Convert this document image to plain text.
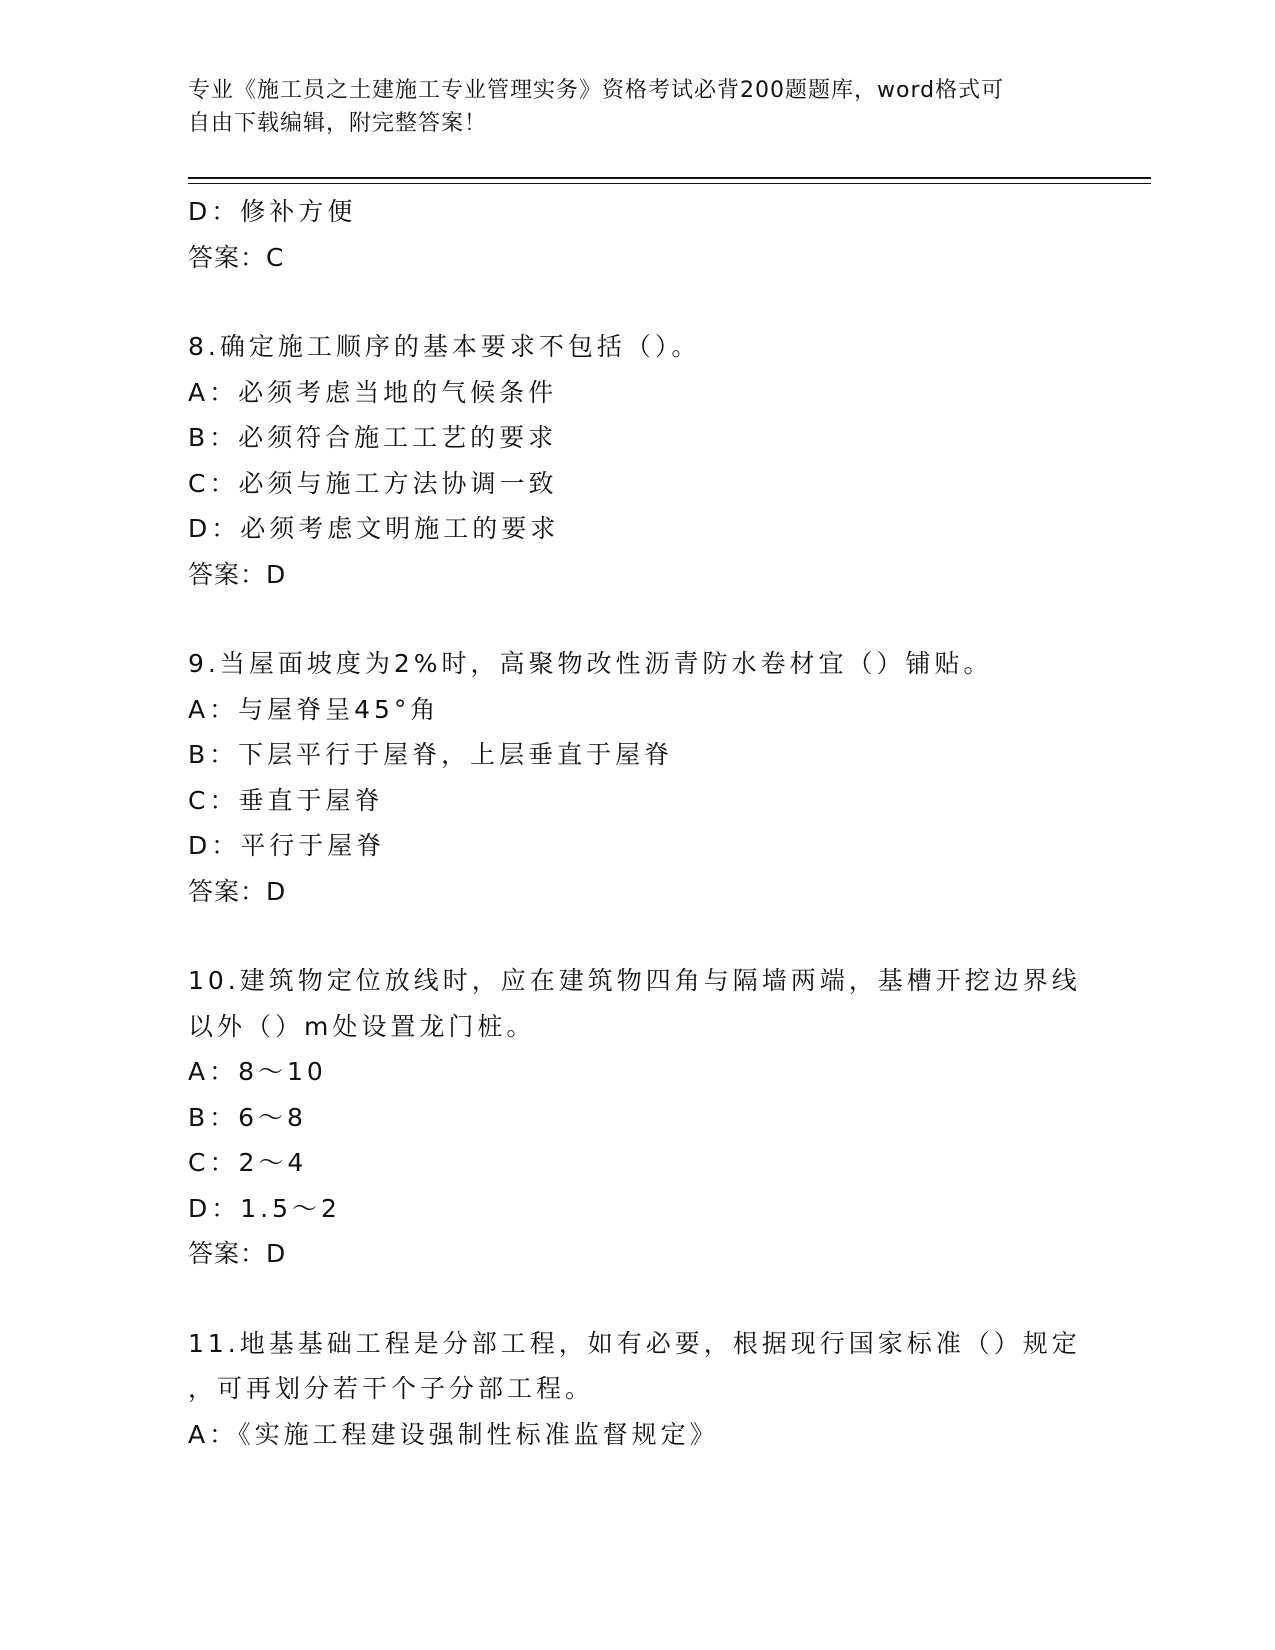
专业《施工员之土建施工专业管理实务》资格考试必背200题题库，word格式可
自由下载编辑，附完整答案！
D：修补方便
答案：C
8.确定施工顺序的基本要求不包括（）。
A：必须考虑当地的气候条件
B：必须符合施工工艺的要求
C：必须与施工方法协调一致
D：必须考虑文明施工的要求
答案：D
9.当屋面坡度为2%时，高聚物改性沥青防水卷材宜（）铺贴。
A：与屋脊呈45°角
B：下层平行于屋脊，上层垂直于屋脊
C：垂直于屋脊
D：平行于屋脊
答案：D
10.建筑物定位放线时，应在建筑物四角与隔墙两端，基槽开挖边界线
以外（）m处设置龙门桩。
A：8～10
B：6～8
C：2～4
D：1.5～2
答案：D
11.地基基础工程是分部工程，如有必要，根据现行国家标准（）规定
，可再划分若干个子分部工程。
A：《实施工程建设强制性标准监督规定》
